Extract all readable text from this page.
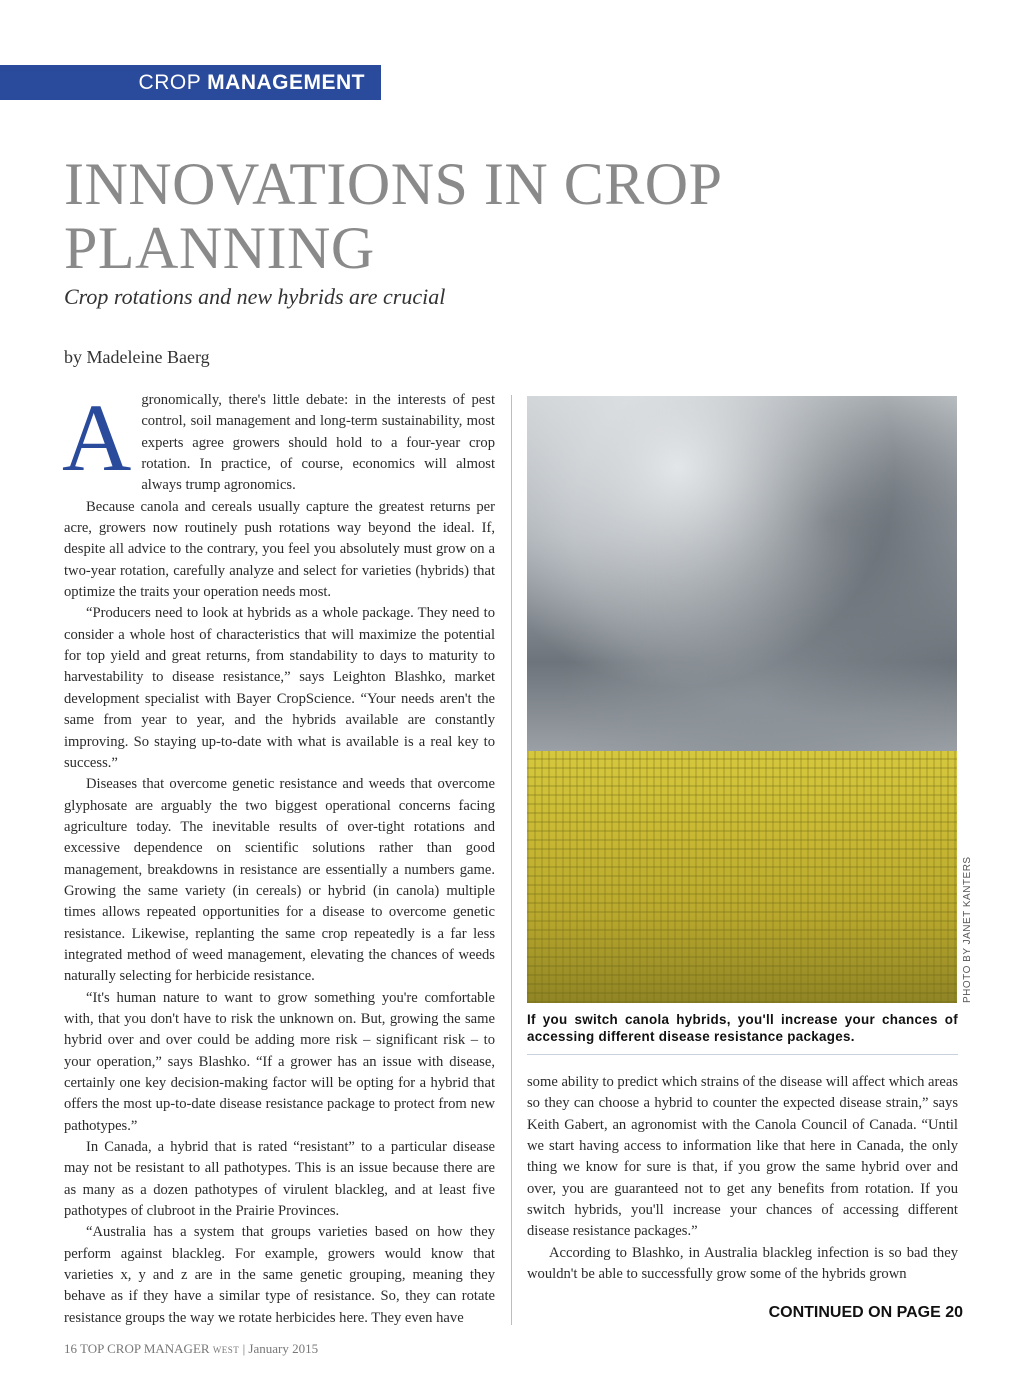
CROP MANAGEMENT
INNOVATIONS IN CROP PLANNING

Crop rotations and new hybrids are crucial

by Madeleine Baerg

Agronomically, there's little debate: in the interests of pest control, soil management and long-term sustainability, most experts agree growers should hold to a four-year crop rotation. In practice, of course, economics will almost always trump agronomics.

Because canola and cereals usually capture the greatest returns per acre, growers now routinely push rotations way beyond the ideal. If, despite all advice to the contrary, you feel you absolutely must grow on a two-year rotation, carefully analyze and select for varieties (hybrids) that optimize the traits your operation needs most.

“Producers need to look at hybrids as a whole package. They need to consider a whole host of characteristics that will maximize the potential for top yield and great returns, from standability to days to maturity to harvestability to disease resistance,” says Leighton Blashko, market development specialist with Bayer CropScience. “Your needs aren't the same from year to year, and the hybrids available are constantly improving. So staying up-to-date with what is available is a real key to success.”

Diseases that overcome genetic resistance and weeds that overcome glyphosate are arguably the two biggest operational concerns facing agriculture today. The inevitable results of over-tight rotations and excessive dependence on scientific solutions rather than good management, breakdowns in resistance are essentially a numbers game. Growing the same variety (in cereals) or hybrid (in canola) multiple times allows repeated opportunities for a disease to overcome genetic resistance. Likewise, replanting the same crop repeatedly is a far less integrated method of weed management, elevating the chances of weeds naturally selecting for herbicide resistance.

“It's human nature to want to grow something you're comfortable with, that you don't have to risk the unknown on. But, growing the same hybrid over and over could be adding more risk – significant risk – to your operation,” says Blashko. “If a grower has an issue with disease, certainly one key decision-making factor will be opting for a hybrid that offers the most up-to-date disease resistance package to protect from new pathotypes.”

In Canada, a hybrid that is rated “resistant” to a particular disease may not be resistant to all pathotypes. This is an issue because there are as many as a dozen pathotypes of virulent blackleg, and at least five pathotypes of clubroot in the Prairie Provinces.

“Australia has a system that groups varieties based on how they perform against blackleg. For example, growers would know that varieties x, y and z are in the same genetic grouping, meaning they behave as if they have a similar type of resistance. So, they can rotate resistance groups the way we rotate herbicides here. They even have

PHOTO BY JANET KANTERS
If you switch canola hybrids, you'll increase your chances of accessing different disease resistance packages.

some ability to predict which strains of the disease will affect which areas so they can choose a hybrid to counter the expected disease strain,” says Keith Gabert, an agronomist with the Canola Council of Canada. “Until we start having access to information like that here in Canada, the only thing we know for sure is that, if you grow the same hybrid over and over, you are guaranteed not to get any benefits from rotation. If you switch hybrids, you'll increase your chances of accessing different disease resistance packages.”

According to Blashko, in Australia blackleg infection is so bad they wouldn't be able to successfully grow some of the hybrids grown

CONTINUED ON PAGE 20
16 TOP CROP MANAGER WEST | January 2015
